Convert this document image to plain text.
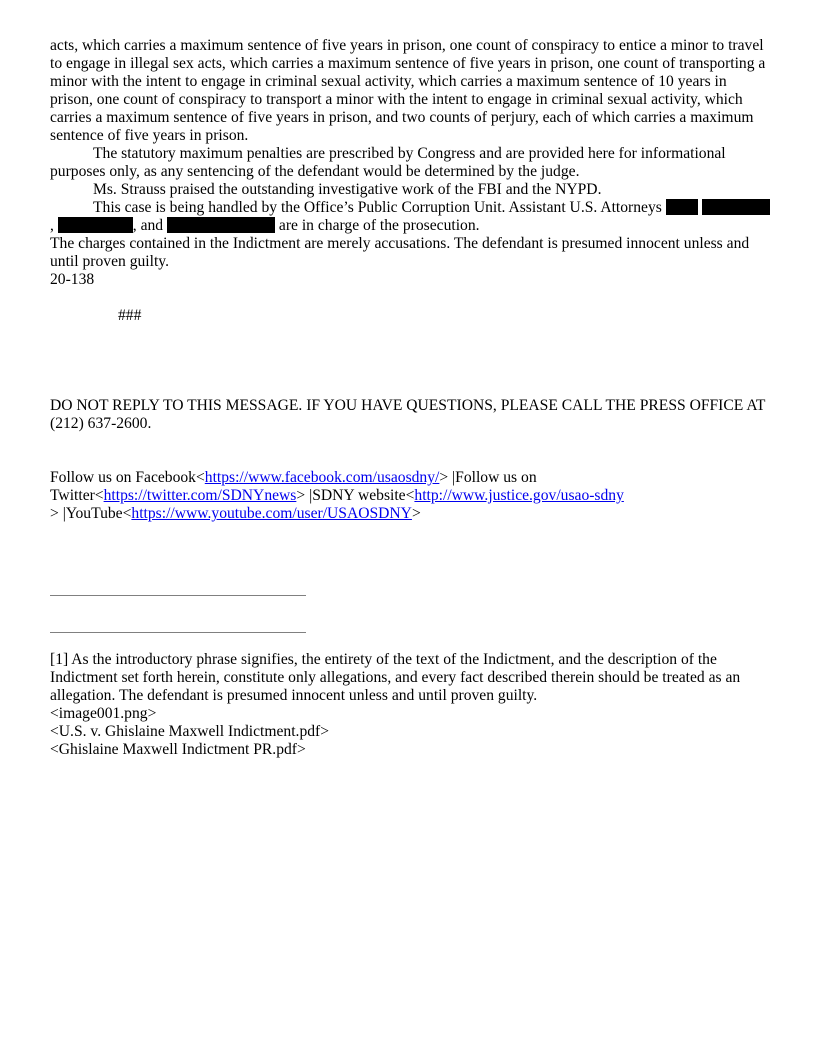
acts, which carries a maximum sentence of five years in prison, one count of conspiracy to entice a minor to travel to engage in illegal sex acts, which carries a maximum sentence of five years in prison, one count of transporting a minor with the intent to engage in criminal sexual activity, which carries a maximum sentence of 10 years in prison, one count of conspiracy to transport a minor with the intent to engage in criminal sexual activity, which carries a maximum sentence of five years in prison, and two counts of perjury, each of which carries a maximum sentence of five years in prison.

The statutory maximum penalties are prescribed by Congress and are provided here for informational purposes only, as any sentencing of the defendant would be determined by the judge.

Ms. Strauss praised the outstanding investigative work of the FBI and the NYPD.

This case is being handled by the Office’s Public Corruption Unit. Assistant U.S. Attorneys  ,	, and	are in charge of the prosecution.

The charges contained in the Indictment are merely accusations. The defendant is presumed innocent unless and until proven guilty.

20-138

###

DO NOT REPLY TO THIS MESSAGE. IF YOU HAVE QUESTIONS, PLEASE CALL THE PRESS OFFICE AT (212) 637-2600.

Follow us on Facebook<https://www.facebook.com/usaosdny/> |Follow us on Twitter<https://twitter.com/SDNYnews> |SDNY website<http://www.justice.gov/usao-sdny
> |YouTube<https://www.youtube.com/user/USAOSDNY>

[1] As the introductory phrase signifies, the entirety of the text of the Indictment, and the description of the Indictment set forth herein, constitute only allegations, and every fact described therein should be treated as an allegation. The defendant is presumed innocent unless and until proven guilty.

<image001.png>

<U.S. v. Ghislaine Maxwell Indictment.pdf>

<Ghislaine Maxwell Indictment PR.pdf>
